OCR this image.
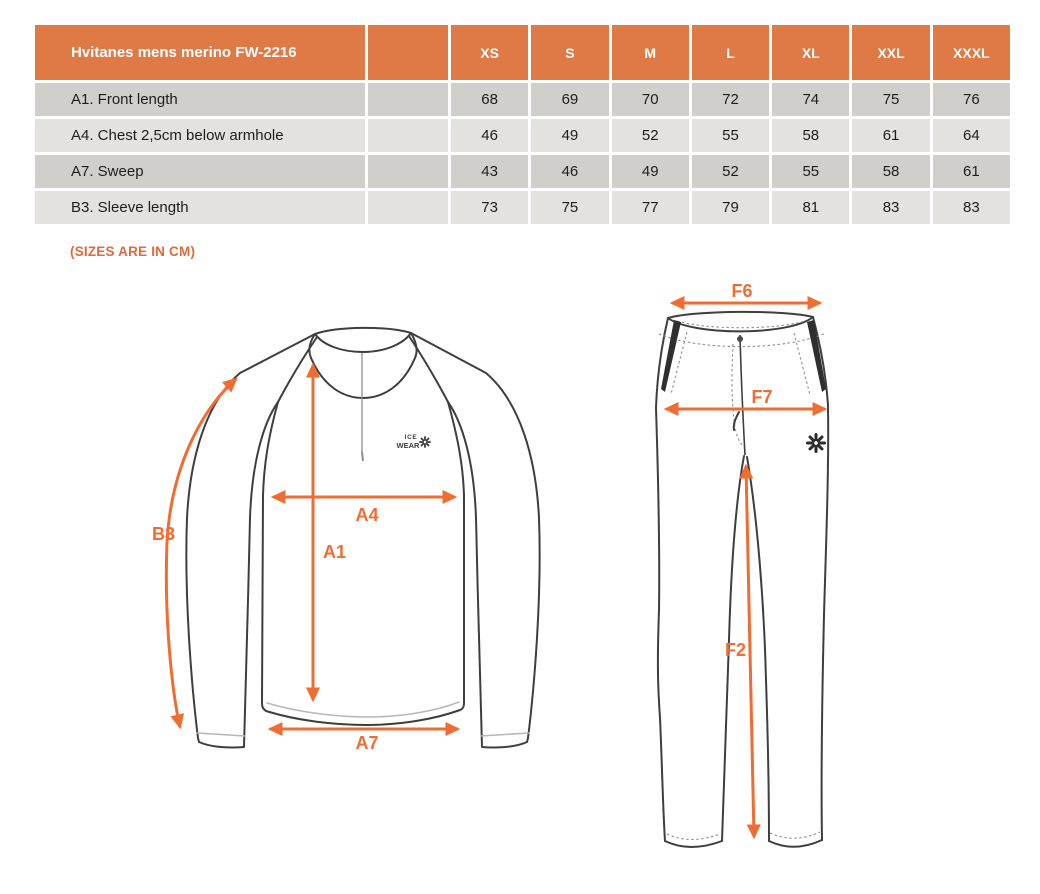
Hvitanes mens merino FW-2216	XS	S	M	L	XL	XXL	XXXL
A1. Front length	68	69	70	72	74	75	76
A4. Chest 2,5cm below armhole	46	49	52	55	58	61	64
A7. Sweep	43	46	49	52	55	58	61
B3. Sleeve length	73	75	77	79	81	83	83
(SIZES ARE IN CM)
ICE
WEAR
B3
A1
A4
A7
F6
F7
F2
